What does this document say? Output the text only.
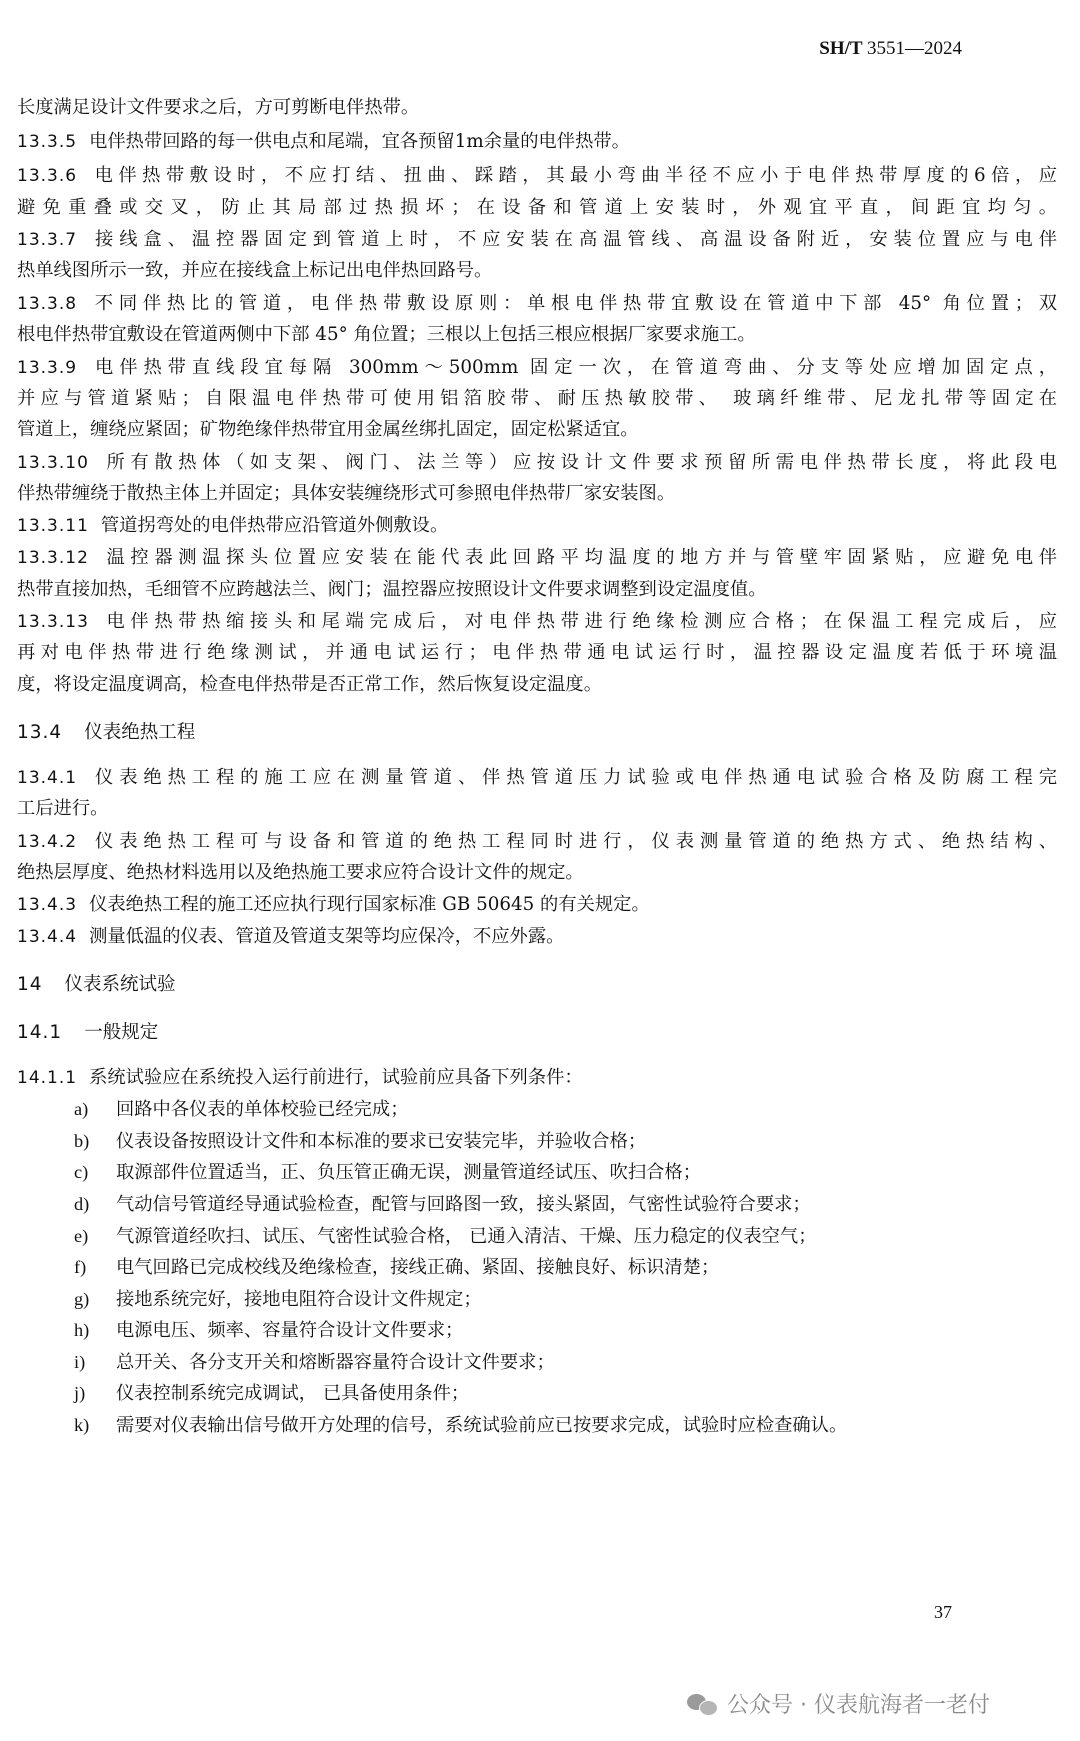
SH/T 3551—2024
长度满足设计文件要求之后，方可剪断电伴热带。
13.3.5 电伴热带回路的每一供电点和尾端，宜各预留1m余量的电伴热带。
13.3.6 电伴热带敷设时，不应打结、扭曲、踩踏，其最小弯曲半径不应小于电伴热带厚度的6倍，应
避免重叠或交叉，防止其局部过热损坏；在设备和管道上安装时，外观宜平直，间距宜均匀。
13.3.7 接线盒、温控器固定到管道上时，不应安装在高温管线、高温设备附近，安装位置应与电伴
热单线图所示一致，并应在接线盒上标记出电伴热回路号。
13.3.8 不同伴热比的管道，电伴热带敷设原则：单根电伴热带宜敷设在管道中下部 45° 角位置；双
根电伴热带宜敷设在管道两侧中下部 45° 角位置；三根以上包括三根应根据厂家要求施工。
13.3.9 电伴热带直线段宜每隔 300mm～500mm 固定一次，在管道弯曲、分支等处应增加固定点，
并应与管道紧贴；自限温电伴热带可使用铝箔胶带、耐压热敏胶带、 玻璃纤维带、尼龙扎带等固定在
管道上，缠绕应紧固；矿物绝缘伴热带宜用金属丝绑扎固定，固定松紧适宜。
13.3.10 所有散热体（如支架、阀门、法兰等）应按设计文件要求预留所需电伴热带长度，将此段电
伴热带缠绕于散热主体上并固定；具体安装缠绕形式可参照电伴热带厂家安装图。
13.3.11 管道拐弯处的电伴热带应沿管道外侧敷设。
13.3.12 温控器测温探头位置应安装在能代表此回路平均温度的地方并与管壁牢固紧贴，应避免电伴
热带直接加热，毛细管不应跨越法兰、阀门；温控器应按照设计文件要求调整到设定温度值。
13.3.13 电伴热带热缩接头和尾端完成后，对电伴热带进行绝缘检测应合格；在保温工程完成后，应
再对电伴热带进行绝缘测试，并通电试运行；电伴热带通电试运行时，温控器设定温度若低于环境温
度，将设定温度调高，检查电伴热带是否正常工作，然后恢复设定温度。
13.4 仪表绝热工程
13.4.1 仪表绝热工程的施工应在测量管道、伴热管道压力试验或电伴热通电试验合格及防腐工程完
工后进行。
13.4.2 仪表绝热工程可与设备和管道的绝热工程同时进行，仪表测量管道的绝热方式、绝热结构、
绝热层厚度、绝热材料选用以及绝热施工要求应符合设计文件的规定。
13.4.3 仪表绝热工程的施工还应执行现行国家标准 GB 50645 的有关规定。
13.4.4 测量低温的仪表、管道及管道支架等均应保冷，不应外露。
14 仪表系统试验
14.1 一般规定
14.1.1 系统试验应在系统投入运行前进行，试验前应具备下列条件：
a) 回路中各仪表的单体校验已经完成；
b) 仪表设备按照设计文件和本标准的要求已安装完毕，并验收合格；
c) 取源部件位置适当，正、负压管正确无误，测量管道经试压、吹扫合格；
d) 气动信号管道经导通试验检查，配管与回路图一致，接头紧固，气密性试验符合要求；
e) 气源管道经吹扫、试压、气密性试验合格， 已通入清洁、干燥、压力稳定的仪表空气；
f) 电气回路已完成校线及绝缘检查，接线正确、紧固、接触良好、标识清楚；
g) 接地系统完好，接地电阻符合设计文件规定；
h) 电源电压、频率、容量符合设计文件要求；
i) 总开关、各分支开关和熔断器容量符合设计文件要求；
j) 仪表控制系统完成调试， 已具备使用条件；
k) 需要对仪表输出信号做开方处理的信号，系统试验前应已按要求完成，试验时应检查确认。
37
公众号 · 仪表航海者一老付
